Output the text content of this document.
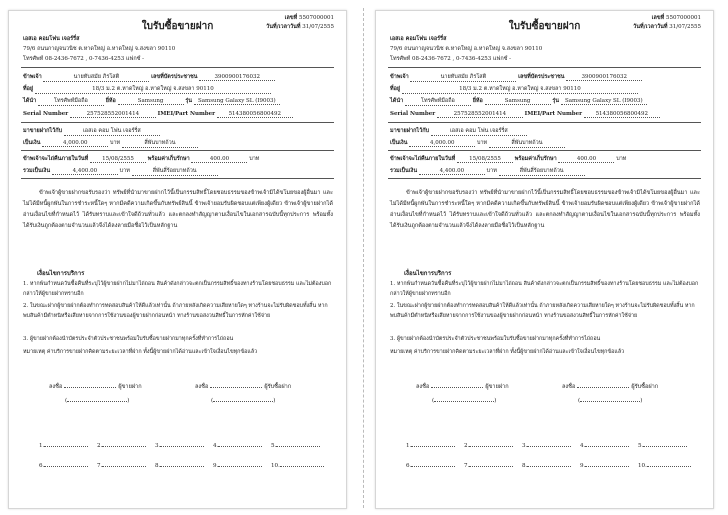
เลขที่ 5507000001
วันที่/เวลาวันที่ 31/07/2555
ใบรับซื้อขายฝาก
เอสเอ คอมโฟน เจอร์รี่ส
79/6 ถนนกาญจนวนิช ต.หาดใหญ่ อ.หาดใหญ่ จ.สงขลา 90110
โทรศัพท์ 08-2436-7672 , 0-7436-4253 แฟกซ์ -
ข้าพเจ้า	นายทับสมัย ภิรโสติ	เลขที่บัตรประชาชน	3900900176032
ที่อยู่	18/3 ม.2 ต.หาดใหญ่ อ.หาดใหญ่ จ.สงขลา 90110
ได้นำ	โทรศัพท์มือถือ	ยี่ห้อ	Samsung	รุ่น Samsung Galaxy SL (I9003)
Serial Number	257528552001414	IMEI/Part Number 514380056800492
มาขายฝากไว้กับ	เอสเอ คอม โฟน เจอร์รี่ส
เป็นเงิน	4,000.00	บาท	สี่พันบาทถ้วน
ข้าพเจ้าจะไถ่คืนภายในวันที่	15/08/2555	พร้อมค่าเก็บรักษา	400.00	บาท
รวมเป็นเงิน	4,400.00	บาท	สี่พันสี่ร้อยบาทถ้วน
ข้าพเจ้าผู้ขายฝากขอรับรองว่า ทรัพย์ที่นำมาขายฝากไว้นี้เป็นกรรมสิทธิ์โดยชอบธรรมของข้าพเจ้ามิได้ขโมยของผู้อื่นมา และไม่ได้มีหนี้ผูกพันในการชำระหนี้ใดๆ หากมีคดีความเกิดขึ้นกับทรัพย์สินนี้ ข้าพเจ้ายอมรับผิดชอบแต่เพียงผู้เดียว ข้าพเจ้าผู้ขายฝากได้อ่านเงื่อนไขที่กำหนดไว้ ได้รับทราบและเข้าใจดีถ้วนทั่วแล้ว และตกลงทำสัญญาตามเงื่อนไขในเอกสารฉบับนี้ทุกประการ พร้อมทั้งได้รับเงินถูกต้องตามจำนวนแล้วจึงได้ลงลายมือชื่อไว้เป็นหลักฐาน
เงื่อนไขการบริการ
1. หากพ้นกำหนดวันซื้อคืนที่ระบุไว้ผู้ขายฝากไม่มาไถ่ถอน สินค้าดังกล่าวจะตกเป็นกรรมสิทธิ์ของทางร้านโดยชอบธรรม และไม่ต้องบอกกล่าวให้ผู้ขายฝากทราบอีก
2. ในขณะฝากผู้ขายฝากต้องทำการทดสอบสินค้าให้ดีแล้วเท่านั้น ถ้าภายหลังเกิดความเสียหายใดๆ ทางร้านจะไม่รับผิดชอบทั้งสิ้น หากพบสินค้ามีตำหนิหรือเสียหายจากการใช้งานของผู้ขายฝากก่อนหน้า ทางร้านขอสงวนสิทธิ์ในการหักค่าใช้จ่าย
3. ผู้ขายฝากต้องนำบัตรประจำตัวประชาชนพร้อมใบรับซื้อขายฝากมาทุกครั้งที่ทำการไถ่ถอน
หมายเหตุ ค่าบริการขายฝากคิดตามระยะเวลาที่ฝาก ทั้งนี้ผู้ขายฝากได้อ่านและเข้าใจเงื่อนไขทุกข้อแล้ว
ลงชื่อ	ผู้ขายฝาก	ลงชื่อ	ผู้รับซื้อฝาก
(	)	(	)
1.	2.	3.	4.	5.
6.	7.	8.	9.	10.
เลขที่ 5507000001
วันที่/เวลาวันที่ 31/07/2555
ใบรับซื้อขายฝาก
เอสเอ คอมโฟน เจอร์รี่ส
79/6 ถนนกาญจนวนิช ต.หาดใหญ่ อ.หาดใหญ่ จ.สงขลา 90110
โทรศัพท์ 08-2436-7672 , 0-7436-4253 แฟกซ์ -
ข้าพเจ้า	นายทับสมัย ภิรโสติ	เลขที่บัตรประชาชน	3900900176032
ที่อยู่	18/3 ม.2 ต.หาดใหญ่ อ.หาดใหญ่ จ.สงขลา 90110
ได้นำ	โทรศัพท์มือถือ	ยี่ห้อ	Samsung	รุ่น Samsung Galaxy SL (I9003)
Serial Number	257528552001414	IMEI/Part Number 514380056800492
มาขายฝากไว้กับ	เอสเอ คอม โฟน เจอร์รี่ส
เป็นเงิน	4,000.00	บาท	สี่พันบาทถ้วน
ข้าพเจ้าจะไถ่คืนภายในวันที่	15/08/2555	พร้อมค่าเก็บรักษา	400.00	บาท
รวมเป็นเงิน	4,400.00	บาท	สี่พันสี่ร้อยบาทถ้วน
ข้าพเจ้าผู้ขายฝากขอรับรองว่า ทรัพย์ที่นำมาขายฝากไว้นี้เป็นกรรมสิทธิ์โดยชอบธรรมของข้าพเจ้ามิได้ขโมยของผู้อื่นมา และไม่ได้มีหนี้ผูกพันในการชำระหนี้ใดๆ หากมีคดีความเกิดขึ้นกับทรัพย์สินนี้ ข้าพเจ้ายอมรับผิดชอบแต่เพียงผู้เดียว ข้าพเจ้าผู้ขายฝากได้อ่านเงื่อนไขที่กำหนดไว้ ได้รับทราบและเข้าใจดีถ้วนทั่วแล้ว และตกลงทำสัญญาตามเงื่อนไขในเอกสารฉบับนี้ทุกประการ พร้อมทั้งได้รับเงินถูกต้องตามจำนวนแล้วจึงได้ลงลายมือชื่อไว้เป็นหลักฐาน
เงื่อนไขการบริการ
1. หากพ้นกำหนดวันซื้อคืนที่ระบุไว้ผู้ขายฝากไม่มาไถ่ถอน สินค้าดังกล่าวจะตกเป็นกรรมสิทธิ์ของทางร้านโดยชอบธรรม และไม่ต้องบอกกล่าวให้ผู้ขายฝากทราบอีก
2. ในขณะฝากผู้ขายฝากต้องทำการทดสอบสินค้าให้ดีแล้วเท่านั้น ถ้าภายหลังเกิดความเสียหายใดๆ ทางร้านจะไม่รับผิดชอบทั้งสิ้น หากพบสินค้ามีตำหนิหรือเสียหายจากการใช้งานของผู้ขายฝากก่อนหน้า ทางร้านขอสงวนสิทธิ์ในการหักค่าใช้จ่าย
3. ผู้ขายฝากต้องนำบัตรประจำตัวประชาชนพร้อมใบรับซื้อขายฝากมาทุกครั้งที่ทำการไถ่ถอน
หมายเหตุ ค่าบริการขายฝากคิดตามระยะเวลาที่ฝาก ทั้งนี้ผู้ขายฝากได้อ่านและเข้าใจเงื่อนไขทุกข้อแล้ว
ลงชื่อ	ผู้ขายฝาก	ลงชื่อ	ผู้รับซื้อฝาก
(	)	(	)
1.	2.	3.	4.	5.
6.	7.	8.	9.	10.
